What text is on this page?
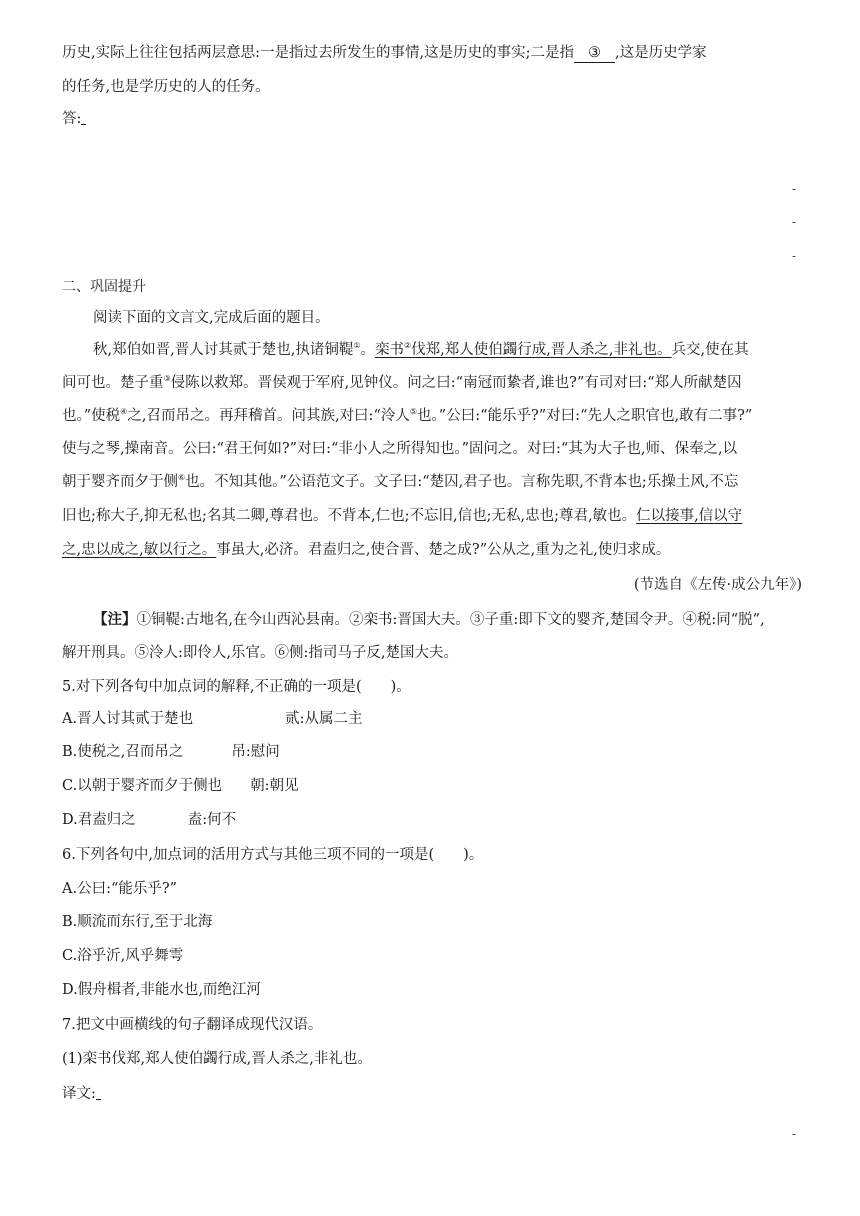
历史,实际上往往包括两层意思:一是指过去所发生的事情,这是历史的事实;二是指 ③ ,这是历史学家
的任务,也是学历史的人的任务。
答:
-
-
-
二、巩固提升
阅读下面的文言文,完成后面的题目。
秋,郑伯如晋,晋人讨其贰于楚也,执诸铜鞮①。栾书②伐郑,郑人使伯蠲行成,晋人杀之,非礼也。兵交,使在其
间可也。楚子重③侵陈以救郑。晋侯观于军府,见钟仪。问之曰:“南冠而絷者,谁也?”有司对曰:“郑人所献楚囚
也。”使税④之,召而吊之。再拜稽首。问其族,对曰:“泠人⑤也。”公曰:“能乐乎?”对曰:“先人之职官也,敢有二事?”
使与之琴,操南音。公曰:“君王何如?”对曰:“非小人之所得知也。”固问之。对曰:“其为大子也,师、保奉之,以
朝于婴齐而夕于侧⑥也。不知其他。”公语范文子。文子曰:“楚囚,君子也。言称先职,不背本也;乐操土风,不忘
旧也;称大子,抑无私也;名其二卿,尊君也。不背本,仁也;不忘旧,信也;无私,忠也;尊君,敏也。仁以接事,信以守
之,忠以成之,敏以行之。事虽大,必济。君盍归之,使合晋、楚之成?”公从之,重为之礼,使归求成。
(节选自《左传·成公九年》)
【注】①铜鞮:古地名,在今山西沁县南。②栾书:晋国大夫。③子重:即下文的婴齐,楚国令尹。④税:同“脱”,
解开刑具。⑤泠人:即伶人,乐官。⑥侧:指司马子反,楚国大夫。
5.对下列各句中加点词的解释,不正确的一项是(　　)。
A.晋人讨其贰于楚也	贰:从属二主
B.使税之,召而吊之	吊:慰问
C.以朝于婴齐而夕于侧也 朝:朝见
D.君盍归之	盍:何不
6.下列各句中,加点词的活用方式与其他三项不同的一项是(　　)。
A.公曰:“能乐乎?”
B.顺流而东行,至于北海
C.浴乎沂,风乎舞雩
D.假舟楫者,非能水也,而绝江河
7.把文中画横线的句子翻译成现代汉语。
(1)栾书伐郑,郑人使伯蠲行成,晋人杀之,非礼也。
译文:
-
